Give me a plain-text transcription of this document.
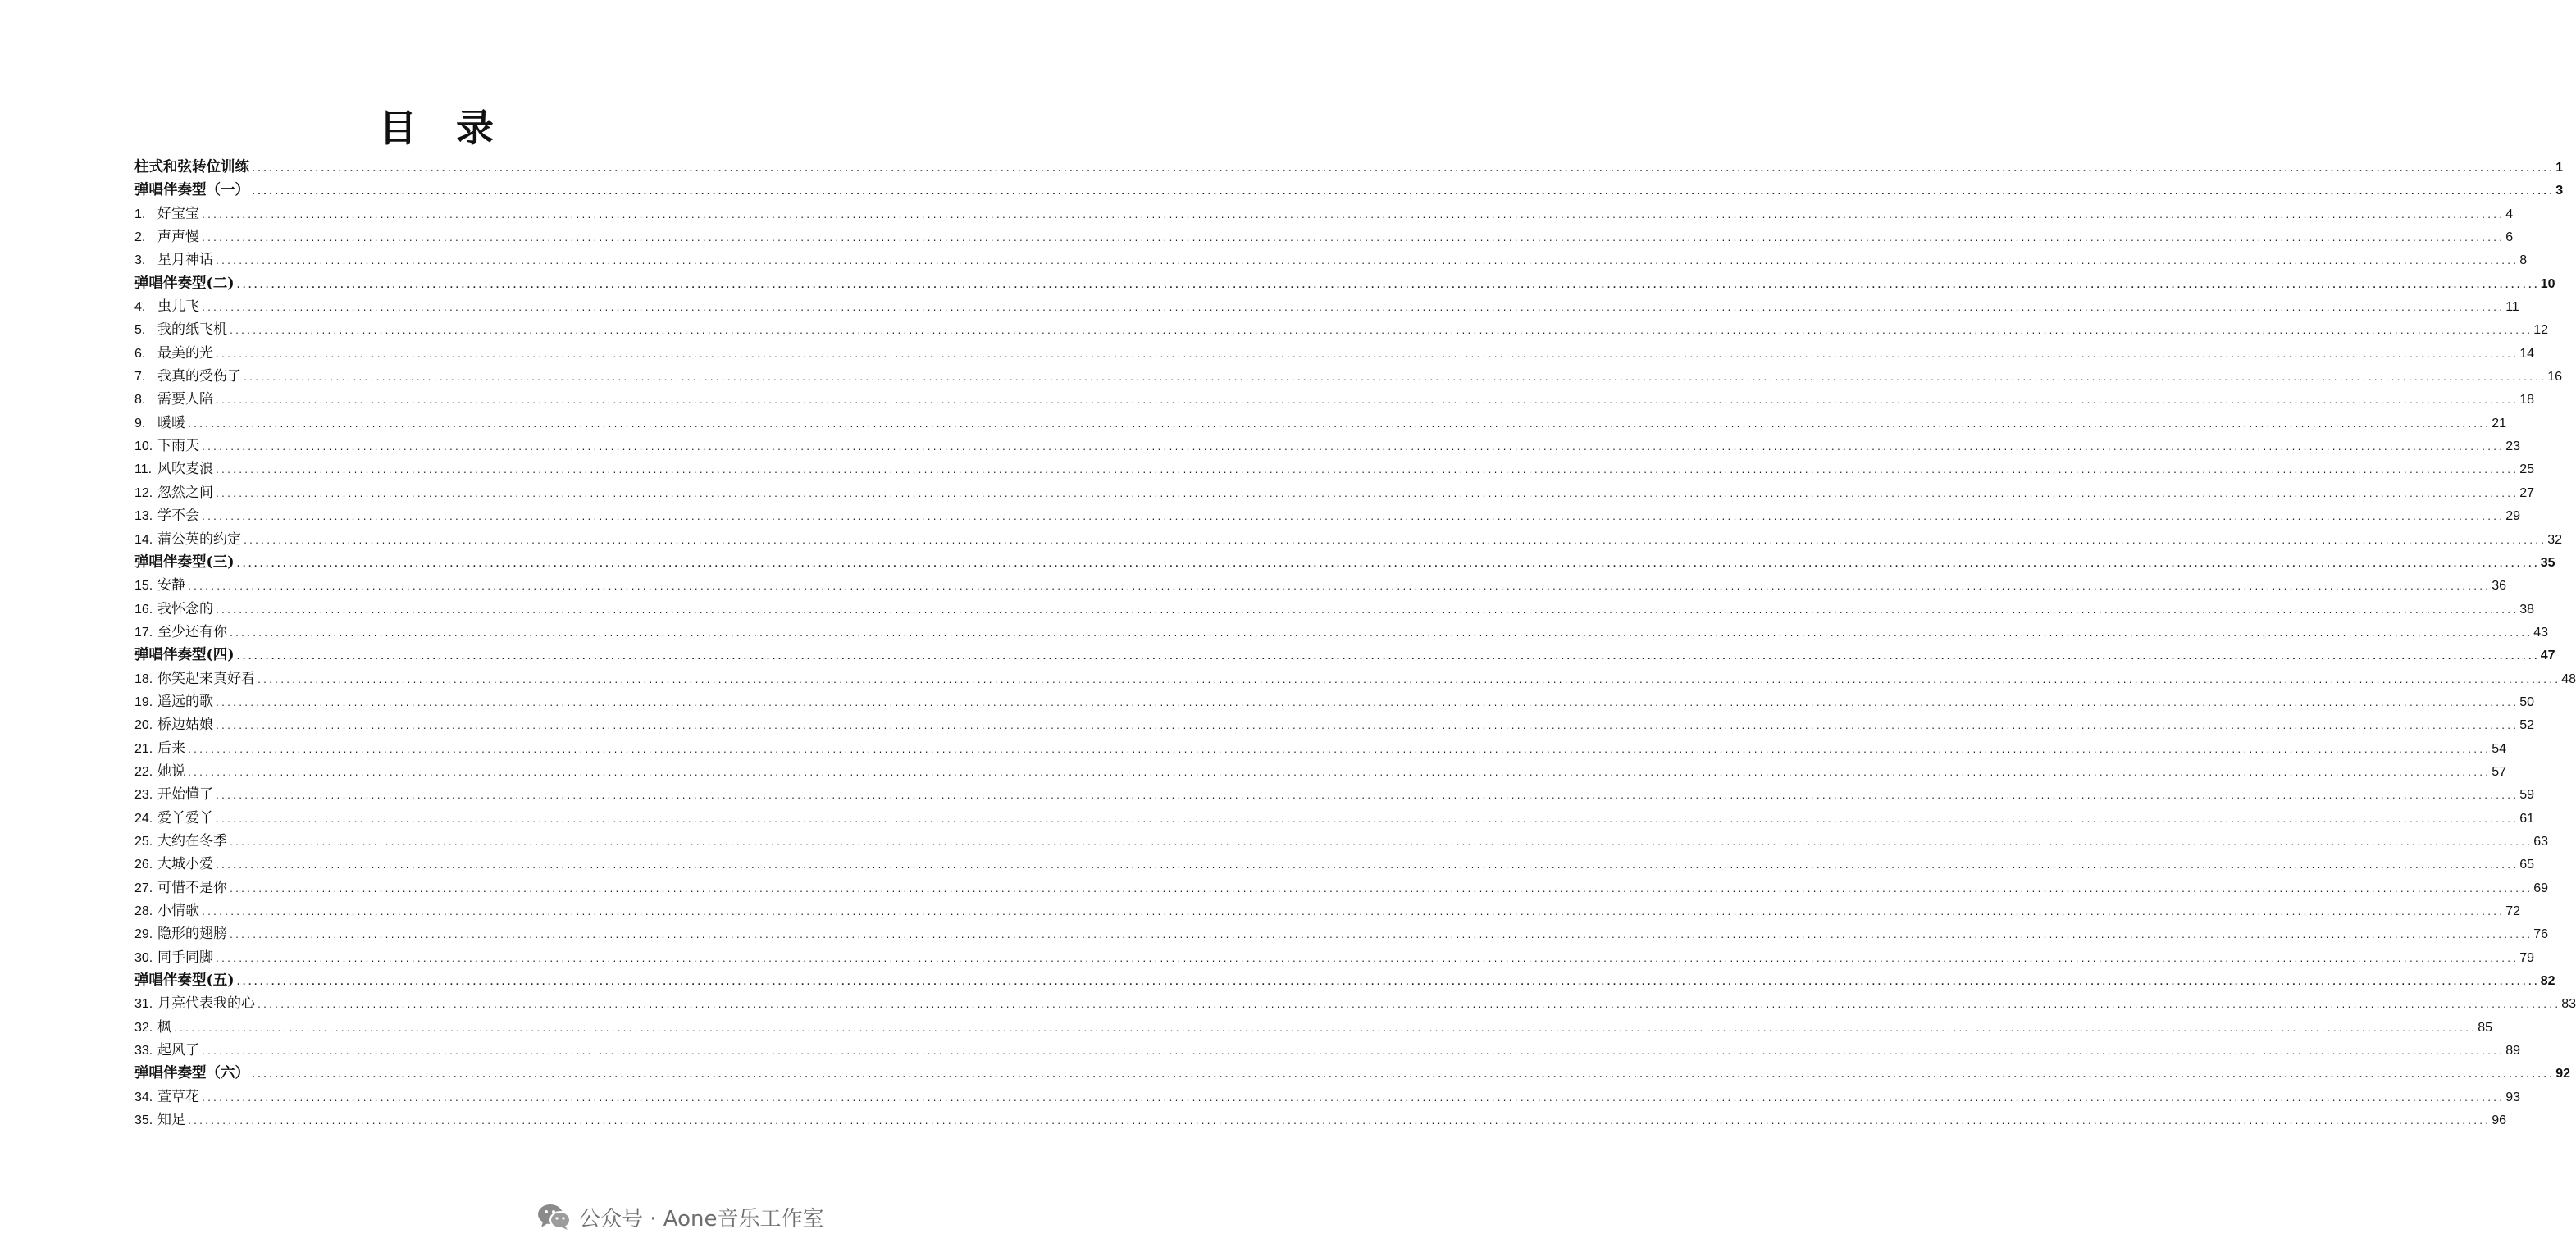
目 录
柱式和弦转位训练 ................................................................................................................................................................................................................................................................................................................................................................................................................ 1
弹唱伴奏型（一） ................................................................................................................................................................................................................................................................................................................................................................................................................ 3
1. 好宝宝 ................................................................................................................................................................................................................................................................................................................................................................................................................ 4
2. 声声慢 ................................................................................................................................................................................................................................................................................................................................................................................................................ 6
3. 星月神话 ................................................................................................................................................................................................................................................................................................................................................................................................................ 8
弹唱伴奏型(二) ................................................................................................................................................................................................................................................................................................................................................................................................................ 10
4. 虫儿飞 ................................................................................................................................................................................................................................................................................................................................................................................................................ 11
5. 我的纸飞机 ................................................................................................................................................................................................................................................................................................................................................................................................................ 12
6. 最美的光 ................................................................................................................................................................................................................................................................................................................................................................................................................ 14
7. 我真的受伤了 ................................................................................................................................................................................................................................................................................................................................................................................................................ 16
8. 需要人陪 ................................................................................................................................................................................................................................................................................................................................................................................................................ 18
9. 暖暖 ................................................................................................................................................................................................................................................................................................................................................................................................................ 21
10. 下雨天 ................................................................................................................................................................................................................................................................................................................................................................................................................ 23
11. 风吹麦浪 ................................................................................................................................................................................................................................................................................................................................................................................................................ 25
12. 忽然之间 ................................................................................................................................................................................................................................................................................................................................................................................................................ 27
13. 学不会 ................................................................................................................................................................................................................................................................................................................................................................................................................ 29
14. 蒲公英的约定 ................................................................................................................................................................................................................................................................................................................................................................................................................ 32
弹唱伴奏型(三) ................................................................................................................................................................................................................................................................................................................................................................................................................ 35
15. 安静 ................................................................................................................................................................................................................................................................................................................................................................................................................ 36
16. 我怀念的 ................................................................................................................................................................................................................................................................................................................................................................................................................ 38
17. 至少还有你 ................................................................................................................................................................................................................................................................................................................................................................................................................ 43
弹唱伴奏型(四) ................................................................................................................................................................................................................................................................................................................................................................................................................ 47
18. 你笑起来真好看 ................................................................................................................................................................................................................................................................................................................................................................................................................ 48
19. 遥远的歌 ................................................................................................................................................................................................................................................................................................................................................................................................................ 50
20. 桥边姑娘 ................................................................................................................................................................................................................................................................................................................................................................................................................ 52
21. 后来 ................................................................................................................................................................................................................................................................................................................................................................................................................ 54
22. 她说 ................................................................................................................................................................................................................................................................................................................................................................................................................ 57
23. 开始懂了 ................................................................................................................................................................................................................................................................................................................................................................................................................ 59
24. 爱丫爱丫 ................................................................................................................................................................................................................................................................................................................................................................................................................ 61
25. 大约在冬季 ................................................................................................................................................................................................................................................................................................................................................................................................................ 63
26. 大城小爱 ................................................................................................................................................................................................................................................................................................................................................................................................................ 65
27. 可惜不是你 ................................................................................................................................................................................................................................................................................................................................................................................................................ 69
28. 小情歌 ................................................................................................................................................................................................................................................................................................................................................................................................................ 72
29. 隐形的翅膀 ................................................................................................................................................................................................................................................................................................................................................................................................................ 76
30. 同手同脚 ................................................................................................................................................................................................................................................................................................................................................................................................................ 79
弹唱伴奏型(五) ................................................................................................................................................................................................................................................................................................................................................................................................................ 82
31. 月亮代表我的心 ................................................................................................................................................................................................................................................................................................................................................................................................................ 83
32. 枫 ................................................................................................................................................................................................................................................................................................................................................................................................................ 85
33. 起风了 ................................................................................................................................................................................................................................................................................................................................................................................................................ 89
弹唱伴奏型（六） ................................................................................................................................................................................................................................................................................................................................................................................................................ 92
34. 萱草花 ................................................................................................................................................................................................................................................................................................................................................................................................................ 93
35. 知足 ................................................................................................................................................................................................................................................................................................................................................................................................................ 96
公众号 · Aone音乐工作室
